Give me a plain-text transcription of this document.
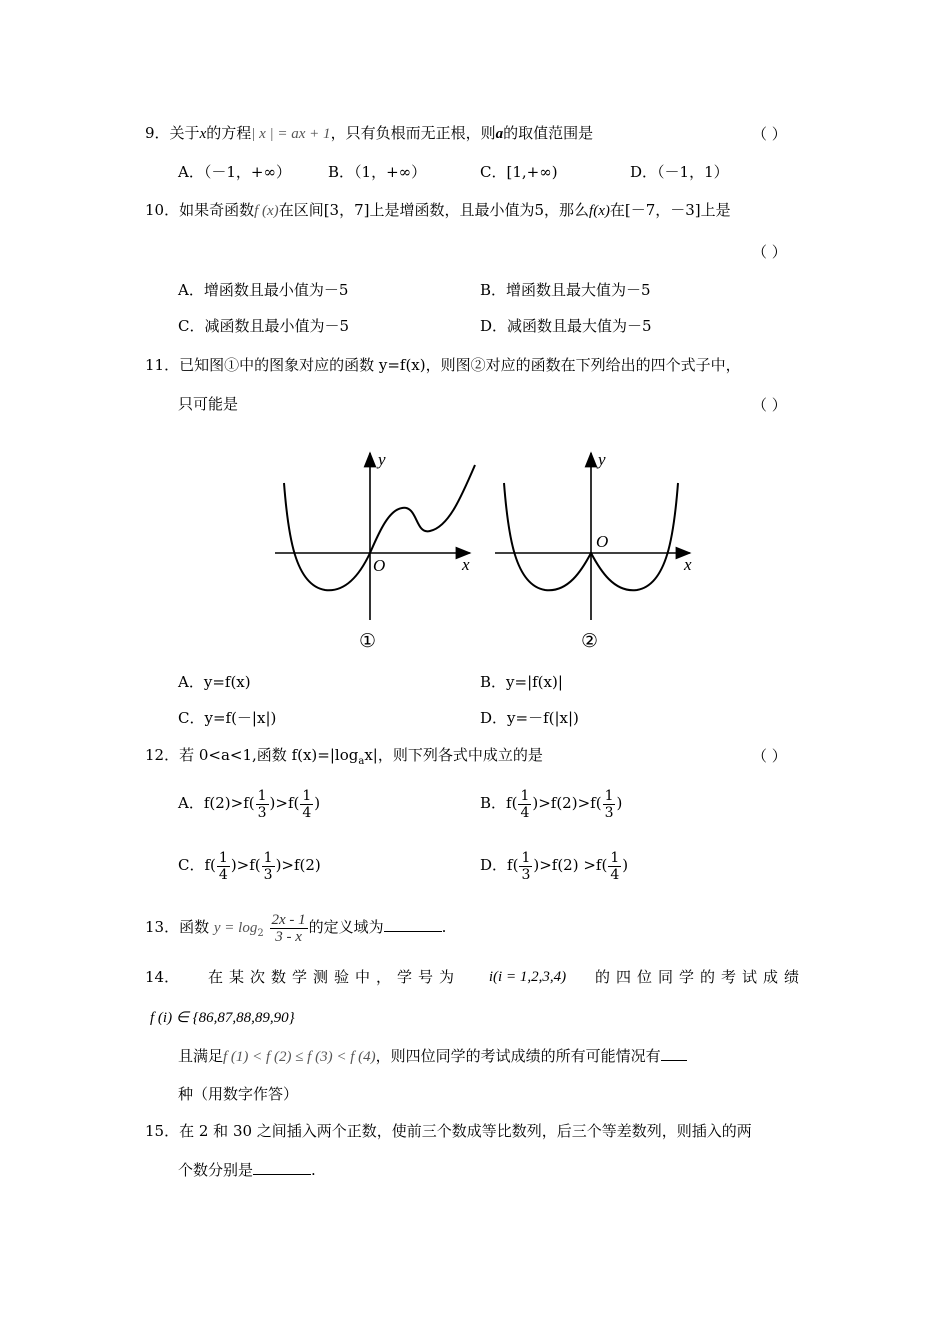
9．关于x的方程| x | = ax + 1，只有负根而无正根，则a的取值范围是	（ ）
A．（－1，+∞） B．（1，+∞）	C．[1,+∞)	D．（－1，1）
10．如果奇函数f (x)在区间[3，7]上是增函数，且最小值为5，那么f(x)在[－7，－3]上是
（ ）
A．增函数且最小值为－5	B．增函数且最大值为－5
C．减函数且最小值为－5	D．减函数且最大值为－5
11．已知图①中的图象对应的函数 y=f(x)，则图②对应的函数在下列给出的四个式子中，
只可能是	（ ）
y
x
O
①
y
x
O
②
A．y=f(x)	B．y=|f(x)|
C．y=f(－|x|)	D．y=－f(|x|)
12．若 0<a<1,函数 $f(x)=|\log_ax|$，则下列各式中成立的是	（ ）
A．$f(2)>f( \frac{1}{3} )>f( \frac{1}{4}$ )	B．$f( \frac{1}{4} )>f(2)>f( \frac{1}{3}$ )
C．$f( \frac{1}{4} )>f( \frac{1}{3} )>f(2)$	D．$f( \frac{1}{3} )>f(2) >f( \frac{1}{4}$ )
13．函数 $y = \log_2 \frac{2x - 1}{3 - x}$ 的定义域为	.
14． 在某次数学测验中，学号为 i(i = 1,2,3,4) 的四位同学的考试成绩
f (i) ∈ {86,87,88,89,90}
且满足f (1) < f (2) ≤ f (3) < f (4)，则四位同学的考试成绩的所有可能情况有
种（用数字作答）
15．在 2 和 30 之间插入两个正数，使前三个数成等比数列，后三个等差数列，则插入的两
个数分别是	.
